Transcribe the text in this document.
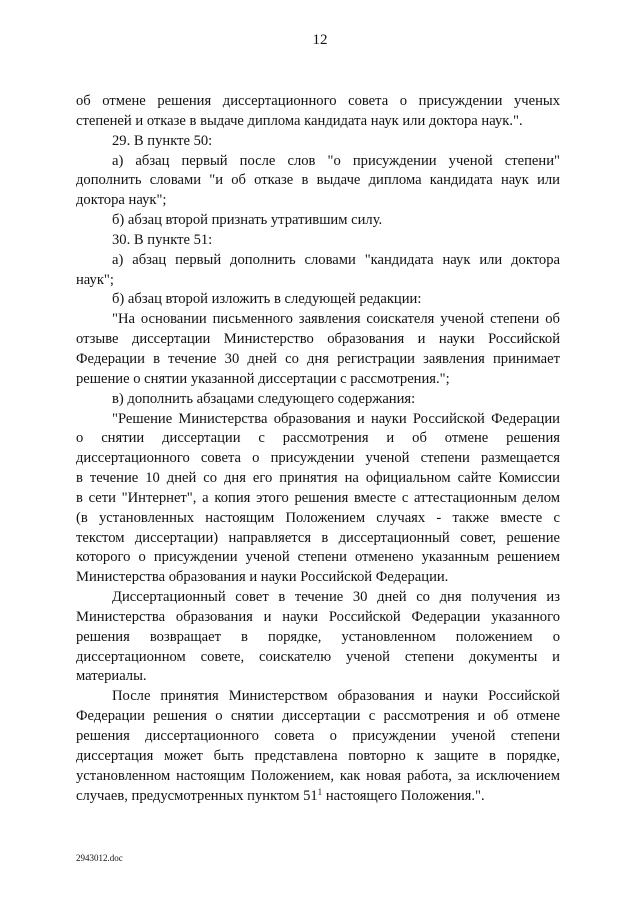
12
об отмене решения диссертационного совета о присуждении ученых
степеней и отказе в выдаче диплома кандидата наук или доктора наук.".
29. В пункте 50:
а) абзац первый после слов "о присуждении ученой степени"
дополнить словами "и об отказе в выдаче диплома кандидата наук или
доктора наук";
б) абзац второй признать утратившим силу.
30. В пункте 51:
а) абзац первый дополнить словами "кандидата наук или доктора
наук";
б) абзац второй изложить в следующей редакции:
"На основании письменного заявления соискателя ученой степени об
отзыве диссертации Министерство образования и науки Российской
Федерации в течение 30 дней со дня регистрации заявления принимает
решение о снятии указанной диссертации с рассмотрения.";
в) дополнить абзацами следующего содержания:
"Решение Министерства образования и науки Российской Федерации
о снятии диссертации с рассмотрения и об отмене решения
диссертационного совета о присуждении ученой степени размещается
в течение 10 дней со дня его принятия на официальном сайте Комиссии
в сети "Интернет", а копия этого решения вместе с аттестационным делом
(в установленных настоящим Положением случаях - также вместе с
текстом диссертации) направляется в диссертационный совет, решение
которого о присуждении ученой степени отменено указанным решением
Министерства образования и науки Российской Федерации.
Диссертационный совет в течение 30 дней со дня получения из
Министерства образования и науки Российской Федерации указанного
решения возвращает в порядке, установленном положением о
диссертационном совете, соискателю ученой степени документы и
материалы.
После принятия Министерством образования и науки Российской
Федерации решения о снятии диссертации с рассмотрения и об отмене
решения диссертационного совета о присуждении ученой степени
диссертация может быть представлена повторно к защите в порядке,
установленном настоящим Положением, как новая работа, за исключением
случаев, предусмотренных пунктом 51$^1$ настоящего Положения.".
2943012.doc
